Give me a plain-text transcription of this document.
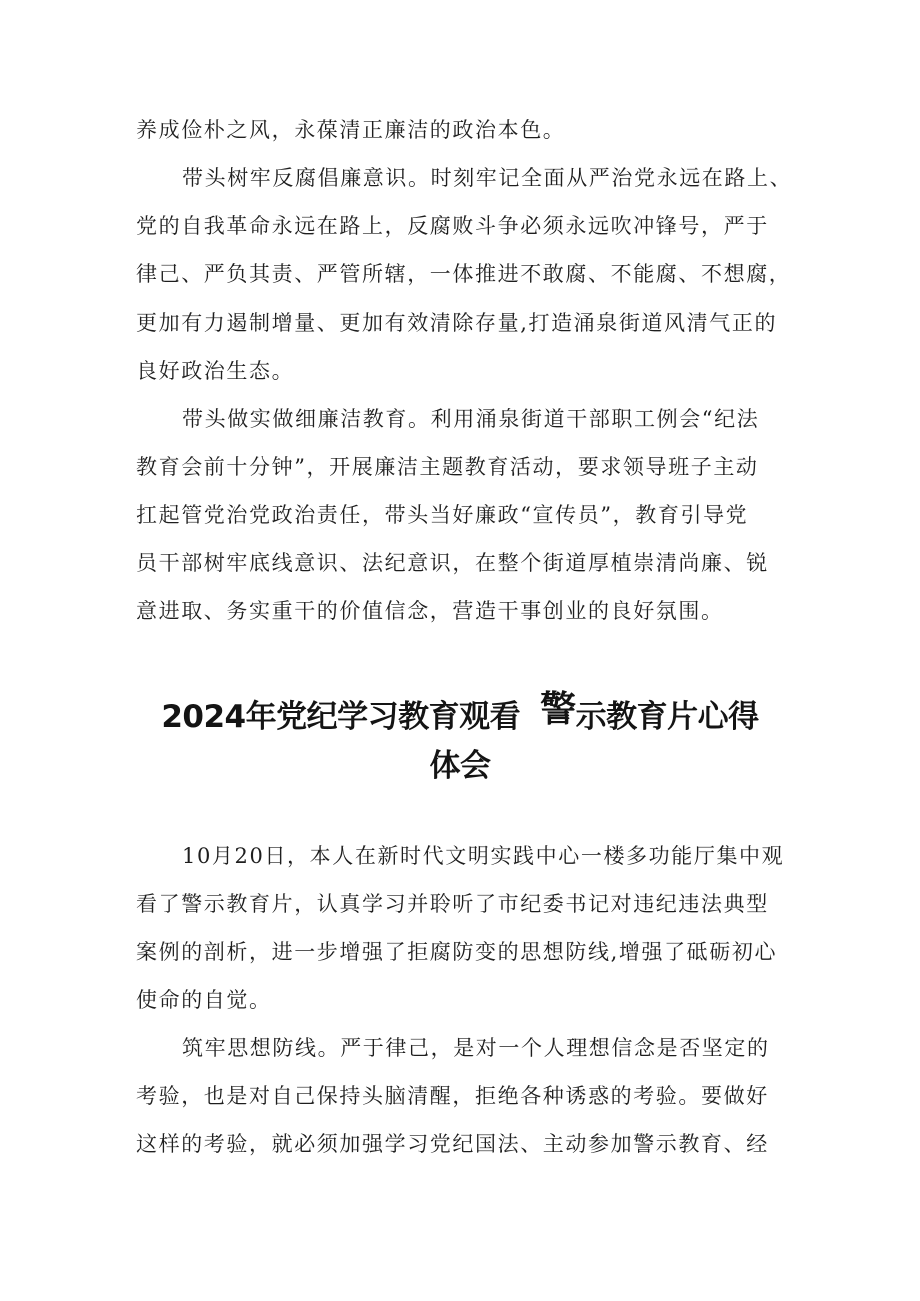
养成俭朴之风，永葆清正廉洁的政治本色。

带头树牢反腐倡廉意识。时刻牢记全面从严治党永远在路上、

党的自我革命永远在路上，反腐败斗争必须永远吹冲锋号，严于

律己、严负其责、严管所辖，一体推进不敢腐、不能腐、不想腐，

更加有力遏制增量、更加有效清除存量,打造涌泉街道风清气正的

良好政治生态。

带头做实做细廉洁教育。利用涌泉街道干部职工例会“纪法

教育会前十分钟”，开展廉洁主题教育活动，要求领导班子主动

扛起管党治党政治责任，带头当好廉政“宣传员”，教育引导党

员干部树牢底线意识、法纪意识，在整个街道厚植崇清尚廉、锐

意进取、务实重干的价值信念，营造干事创业的良好氛围。

2024年党纪学习教育观看 警示教育片心得
体会

10月20日，本人在新时代文明实践中心一楼多功能厅集中观

看了警示教育片，认真学习并聆听了市纪委书记对违纪违法典型

案例的剖析，进一步增强了拒腐防变的思想防线,增强了砥砺初心

使命的自觉。

筑牢思想防线。严于律己，是对一个人理想信念是否坚定的

考验，也是对自己保持头脑清醒，拒绝各种诱惑的考验。要做好

这样的考验，就必须加强学习党纪国法、主动参加警示教育、经
